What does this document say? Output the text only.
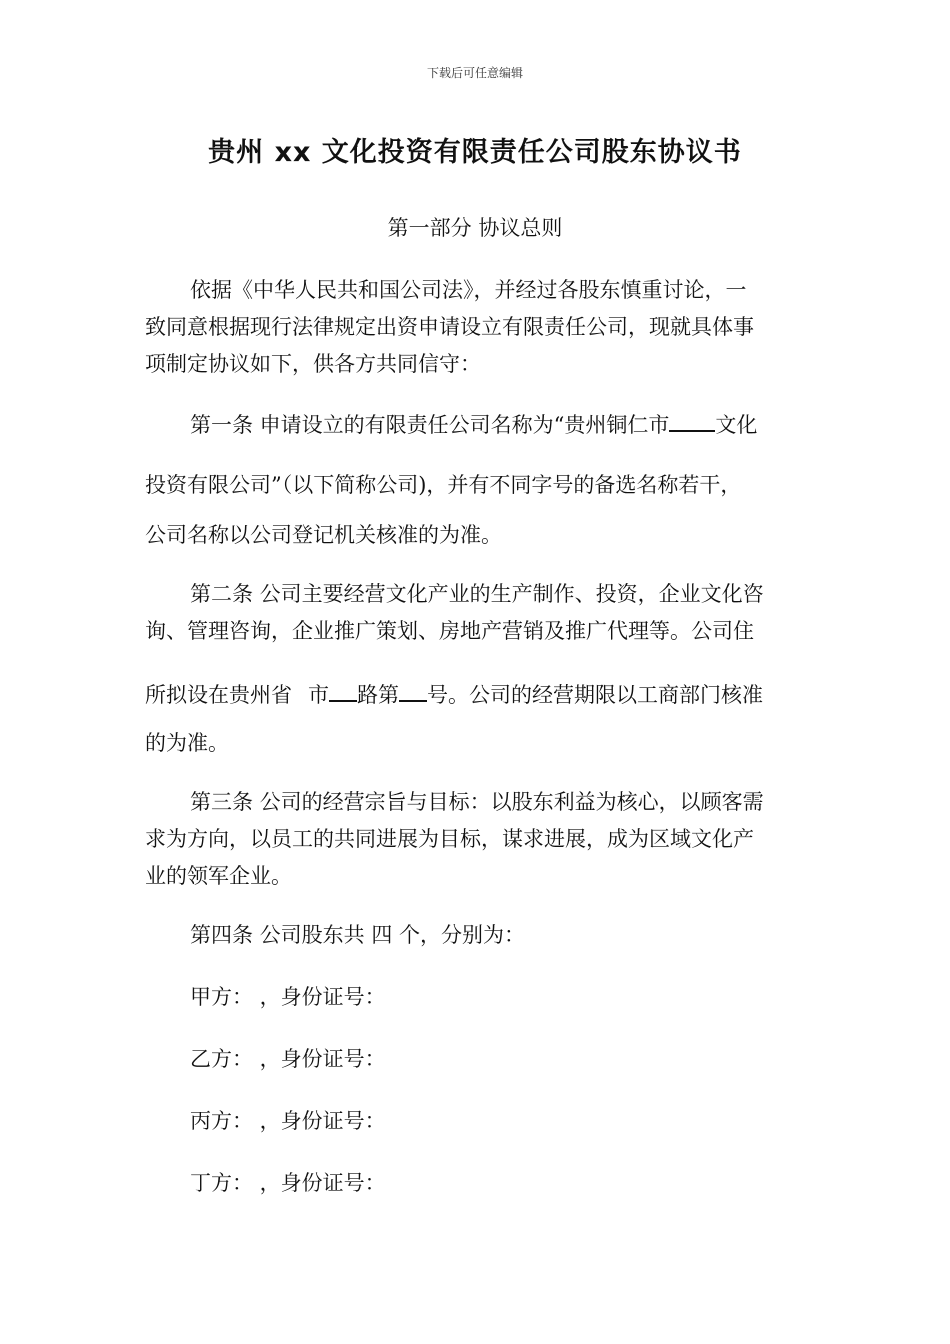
下载后可任意编辑
贵州 xx 文化投资有限责任公司股东协议书
第一部分 协议总则
依据《中华人民共和国公司法》，并经过各股东慎重讨论，一
致同意根据现行法律规定出资申请设立有限责任公司，现就具体事
项制定协议如下，供各方共同信守：
第一条 申请设立的有限责任公司名称为“贵州铜仁市 文化
投资有限公司”（以下简称公司)，并有不同字号的备选名称若干，
公司名称以公司登记机关核准的为准。
第二条 公司主要经营文化产业的生产制作、投资，企业文化咨
询、管理咨询，企业推广策划、房地产营销及推广代理等。公司住
所拟设在贵州省 市 路第 号。公司的经营期限以工商部门核准
的为准。
第三条 公司的经营宗旨与目标：以股东利益为核心，以顾客需
求为方向，以员工的共同进展为目标，谋求进展，成为区域文化产
业的领军企业。
第四条 公司股东共 四 个，分别为：
甲方： ，身份证号：
乙方： ，身份证号：
丙方： ，身份证号：
丁方： ，身份证号：
